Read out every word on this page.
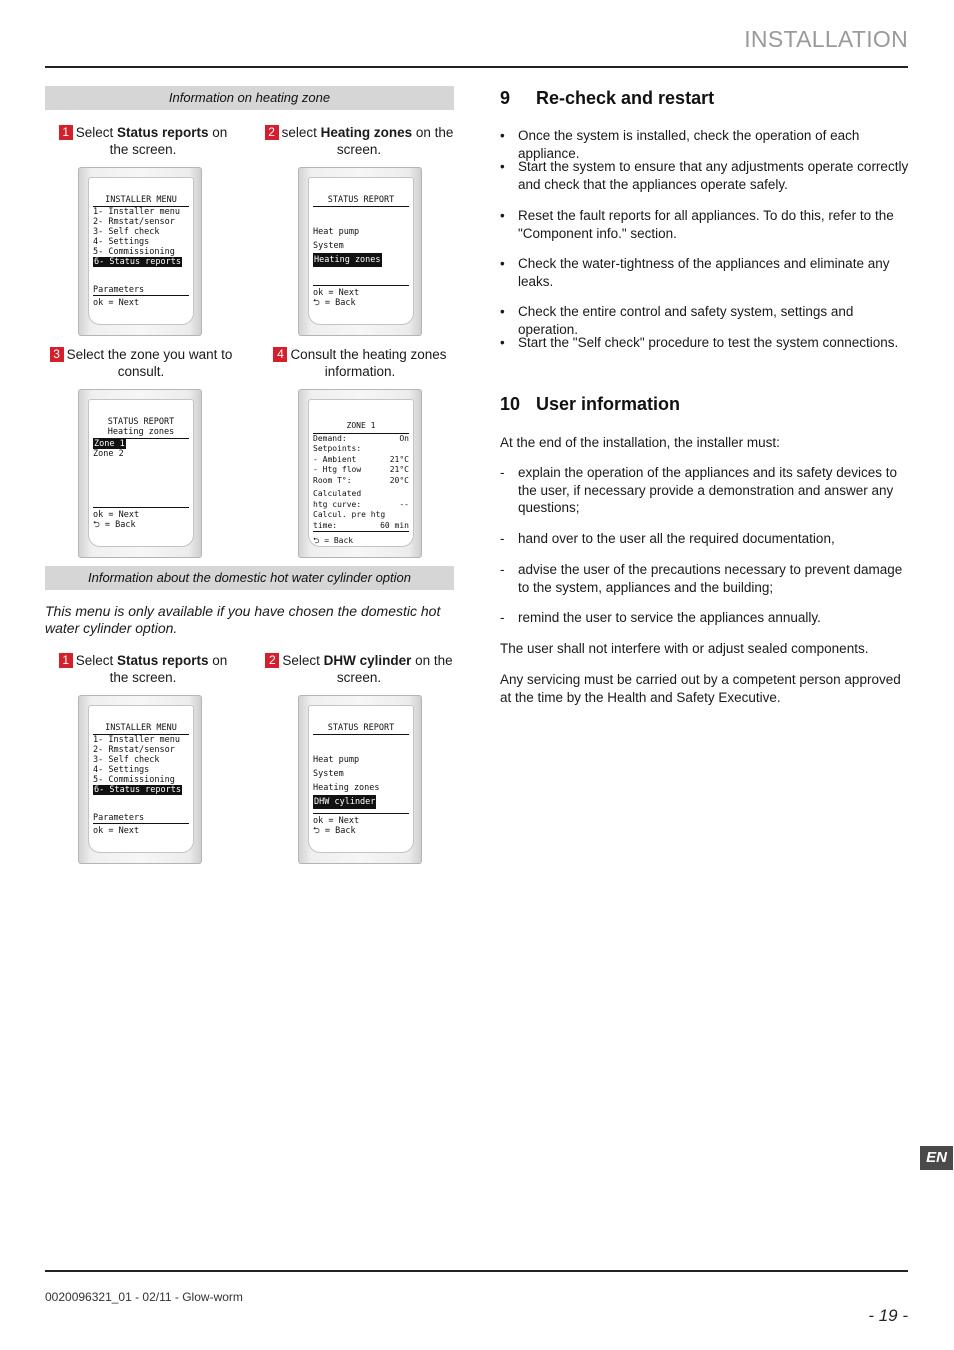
INSTALLATION
Information on heating zone
1 Select Status reports on the screen.
2 select Heating zones on the screen.
INSTALLER MENU
1- Installer menu
2- Rmstat/sensor
3- Self check
4- Settings
5- Commissioning
6- Status reports
Parameters
ok = Next
STATUS REPORT
Heat pump
System
Heating zones
ok = Next
⮌ = Back
3 Select the zone you want to consult.
4 Consult the heating zones information.
STATUS REPORT
Heating zones
Zone 1
Zone 2
ok = Next
⮌ = Back
ZONE 1
Demand:	On
Setpoints:
- Ambient	21°C
- Htg flow	21°C
Room T°:	20°C
Calculated
htg curve:	--
Calcul. pre htg
time:	60 min
⮌ = Back
Information about the domestic hot water cylinder option
This menu is only available if you have chosen the domestic hot water cylinder option.
1 Select Status reports on the screen.
2 Select DHW cylinder on the screen.
INSTALLER MENU
1- Installer menu
2- Rmstat/sensor
3- Self check
4- Settings
5- Commissioning
6- Status reports
Parameters
ok = Next
STATUS REPORT
Heat pump
System
Heating zones
DHW cylinder
ok = Next
⮌ = Back
9 Re-check and restart
• Once the system is installed, check the operation of each appliance.
• Start the system to ensure that any adjustments operate correctly and check that the appliances operate safely.
• Reset the fault reports for all appliances. To do this, refer to the "Component info." section.
• Check the water-tightness of the appliances and eliminate any leaks.
• Check the entire control and safety system, settings and operation.
• Start the "Self check" procedure to test the system connections.
10 User information
At the end of the installation, the installer must:
- explain the operation of the appliances and its safety devices to the user, if necessary provide a demonstration and answer any questions;
- hand over to the user all the required documentation,
- advise the user of the precautions necessary to prevent damage to the system, appliances and the building;
- remind the user to service the appliances annually.
The user shall not interfere with or adjust sealed components.
Any servicing must be carried out by a competent person approved at the time by the Health and Safety Executive.
EN
0020096321_01 - 02/11 - Glow-worm
- 19 -
